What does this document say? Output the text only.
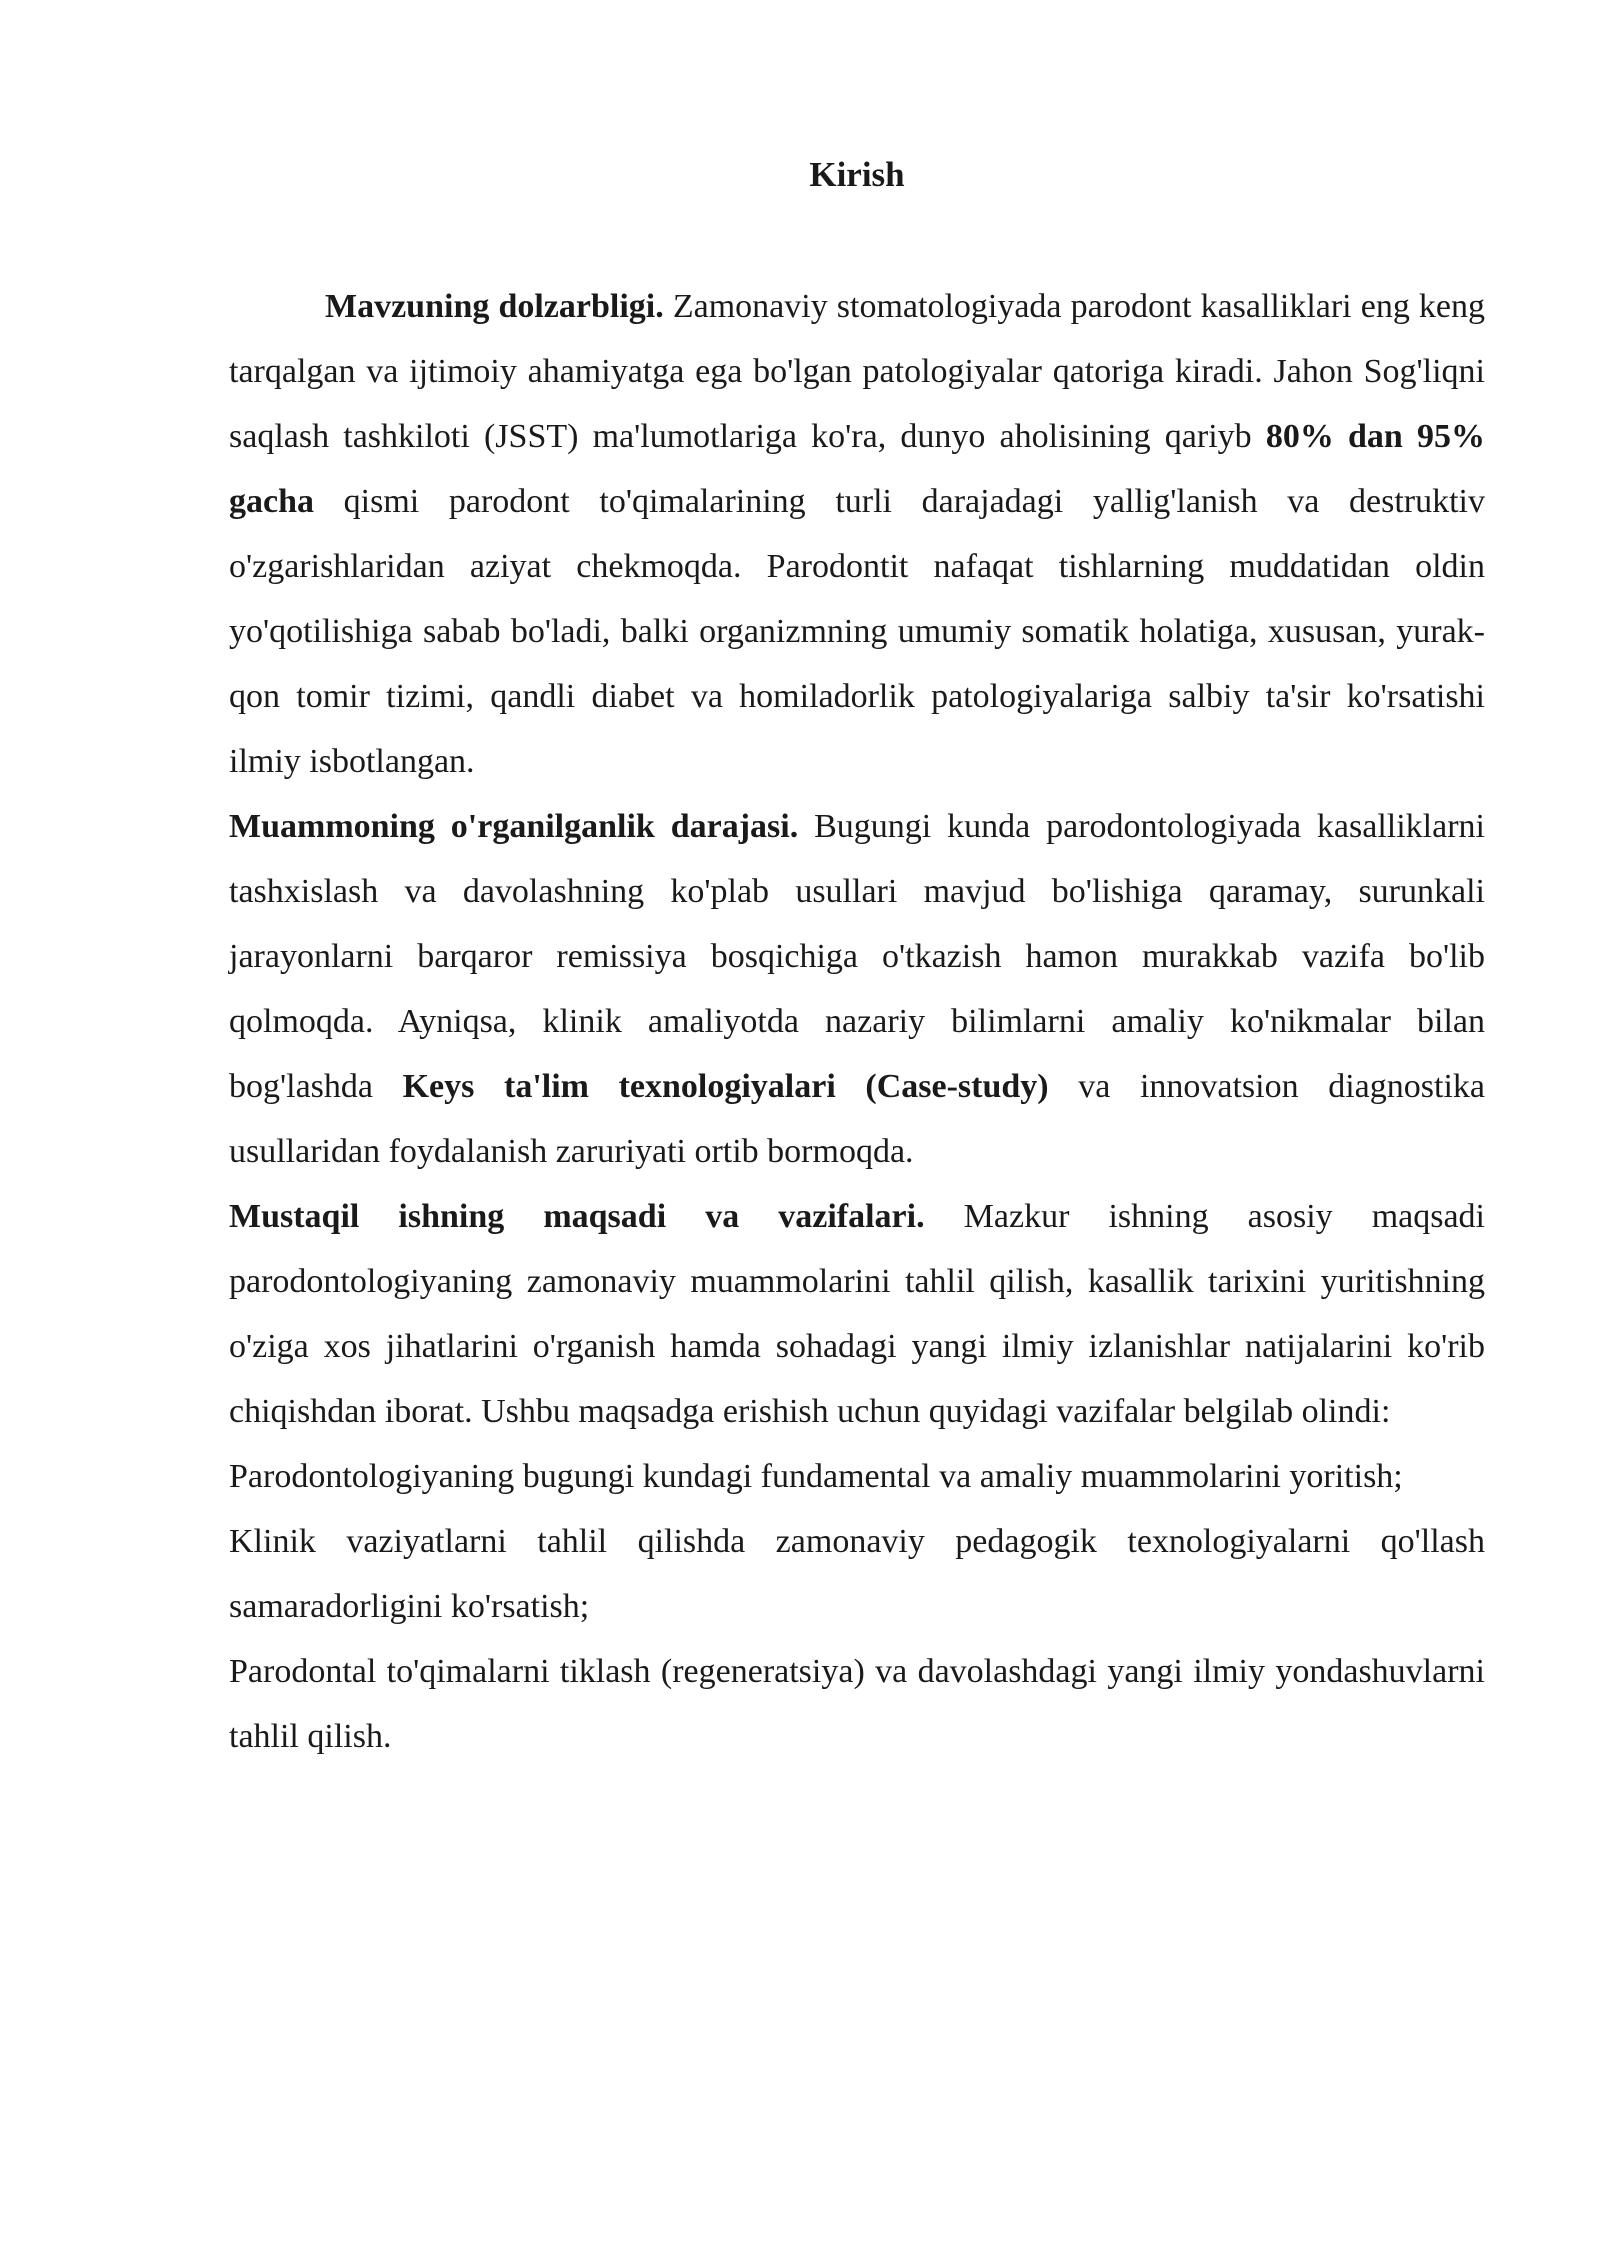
Kirish

Mavzuning dolzarbligi. Zamonaviy stomatologiyada parodont kasalliklari eng keng tarqalgan va ijtimoiy ahamiyatga ega bo'lgan patologiyalar qatoriga kiradi. Jahon Sog'liqni saqlash tashkiloti (JSST) ma'lumotlariga ko'ra, dunyo aholisining qariyb 80% dan 95% gacha qismi parodont to'qimalarining turli darajadagi yallig'lanish va destruktiv o'zgarishlaridan aziyat chekmoqda. Parodontit nafaqat tishlarning muddatidan oldin yo'qotilishiga sabab bo'ladi, balki organizmning umumiy somatik holatiga, xususan, yurak-qon tomir tizimi, qandli diabet va homiladorlik patologiyalariga salbiy ta'sir ko'rsatishi ilmiy isbotlangan.

Muammoning o'rganilganlik darajasi. Bugungi kunda parodontologiyada kasalliklarni tashxislash va davolashning ko'plab usullari mavjud bo'lishiga qaramay, surunkali jarayonlarni barqaror remissiya bosqichiga o'tkazish hamon murakkab vazifa bo'lib qolmoqda. Ayniqsa, klinik amaliyotda nazariy bilimlarni amaliy ko'nikmalar bilan bog'lashda Keys ta'lim texnologiyalari (Case-study) va innovatsion diagnostika usullaridan foydalanish zaruriyati ortib bormoqda.

Mustaqil ishning maqsadi va vazifalari. Mazkur ishning asosiy maqsadi parodontologiyaning zamonaviy muammolarini tahlil qilish, kasallik tarixini yuritishning o'ziga xos jihatlarini o'rganish hamda sohadagi yangi ilmiy izlanishlar natijalarini ko'rib chiqishdan iborat. Ushbu maqsadga erishish uchun quyidagi vazifalar belgilab olindi:

Parodontologiyaning bugungi kundagi fundamental va amaliy muammolarini yoritish;

Klinik vaziyatlarni tahlil qilishda zamonaviy pedagogik texnologiyalarni qo'llash samaradorligini ko'rsatish;

Parodontal to'qimalarni tiklash (regeneratsiya) va davolashdagi yangi ilmiy yondashuvlarni tahlil qilish.
